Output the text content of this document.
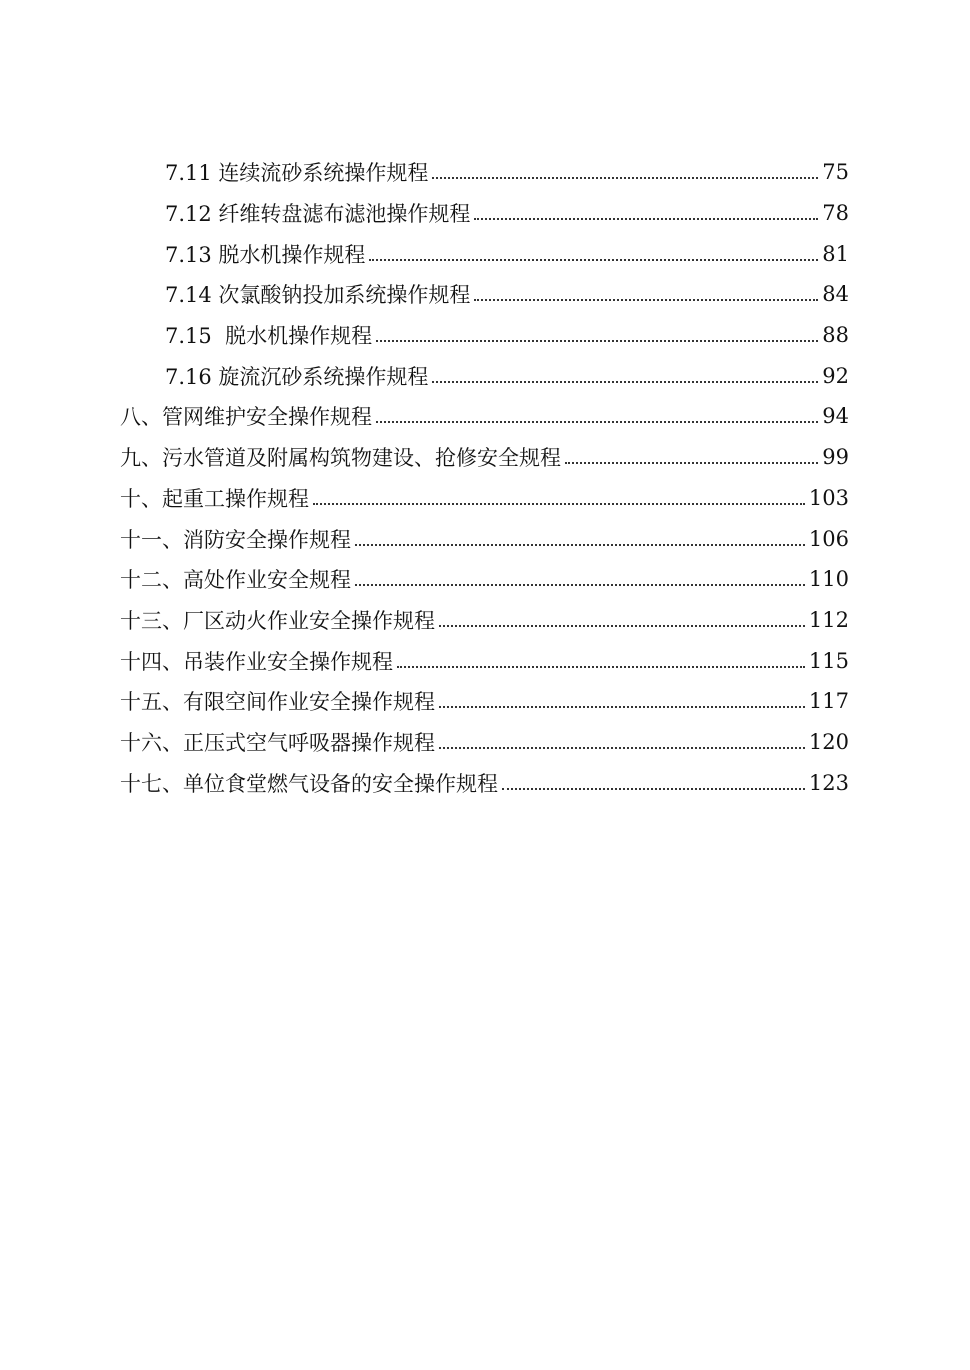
7.11 连续流砂系统操作规程	75
7.12 纤维转盘滤布滤池操作规程	78
7.13 脱水机操作规程	81
7.14 次氯酸钠投加系统操作规程	84
7.15  脱水机操作规程	88
7.16 旋流沉砂系统操作规程	92
八、管网维护安全操作规程	94
九、污水管道及附属构筑物建设、抢修安全规程	99
十、起重工操作规程	103
十一、消防安全操作规程	106
十二、高处作业安全规程	110
十三、厂区动火作业安全操作规程	112
十四、吊装作业安全操作规程	115
十五、有限空间作业安全操作规程	117
十六、正压式空气呼吸器操作规程	120
十七、单位食堂燃气设备的安全操作规程	123
